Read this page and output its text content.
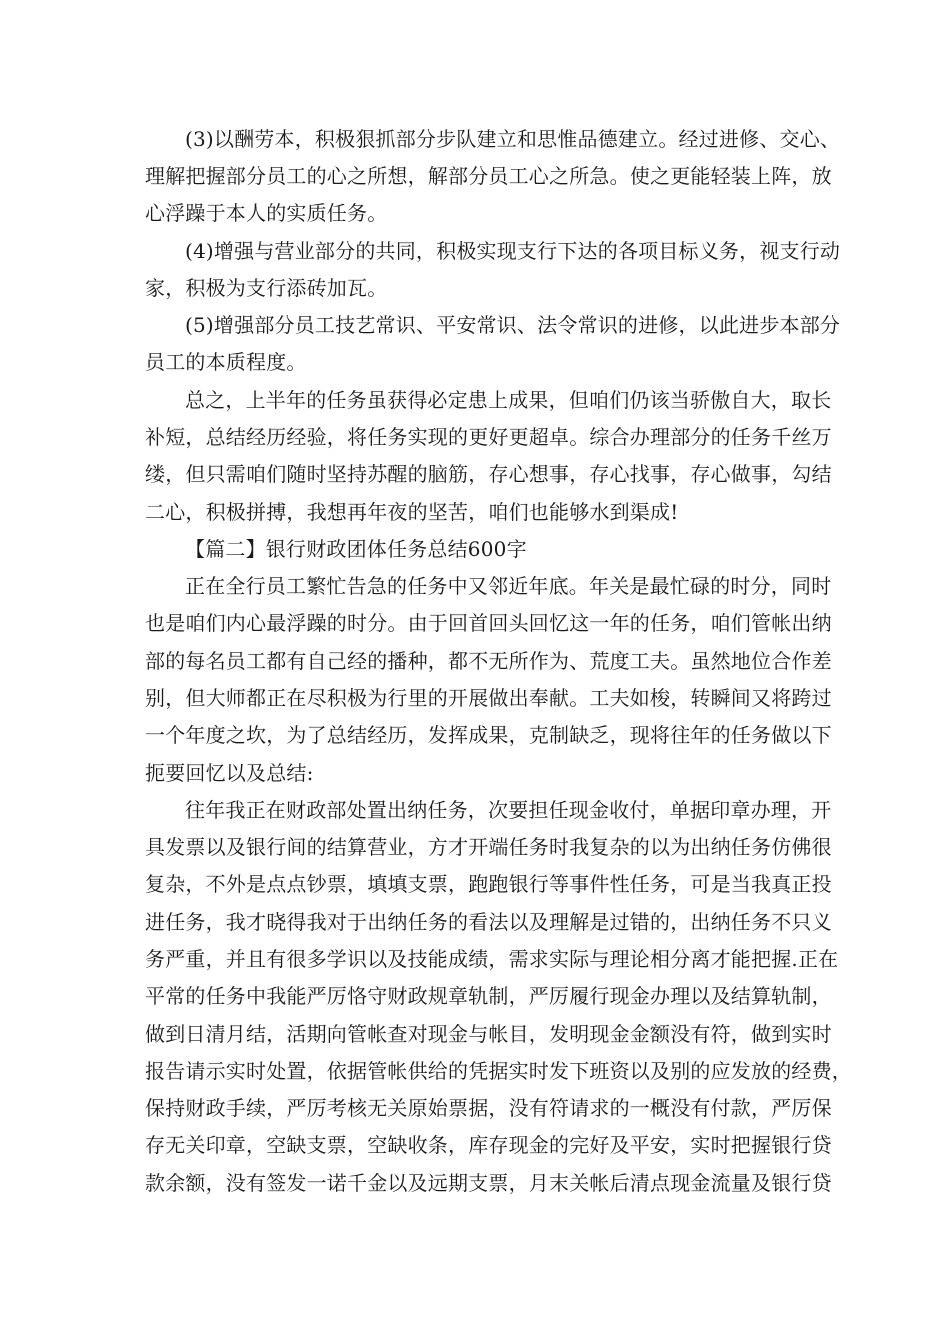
(3)以酬劳本，积极狠抓部分步队建立和思惟品德建立。经过进修、交心、
理解把握部分员工的心之所想，解部分员工心之所急。使之更能轻装上阵，放
心浮躁于本人的实质任务。
(4)增强与营业部分的共同，积极实现支行下达的各项目标义务，视支行动
家，积极为支行添砖加瓦。
(5)增强部分员工技艺常识、平安常识、法令常识的进修，以此进步本部分
员工的本质程度。
总之，上半年的任务虽获得必定患上成果，但咱们仍该当骄傲自大，取长
补短，总结经历经验，将任务实现的更好更超卓。综合办理部分的任务千丝万
缕，但只需咱们随时坚持苏醒的脑筋，存心想事，存心找事，存心做事，勾结
二心，积极拼搏，我想再年夜的坚苦，咱们也能够水到渠成!
【篇二】银行财政团体任务总结600字
正在全行员工繁忙告急的任务中又邻近年底。年关是最忙碌的时分，同时
也是咱们内心最浮躁的时分。由于回首回头回忆这一年的任务，咱们管帐出纳
部的每名员工都有自己经的播种，都不无所作为、荒度工夫。虽然地位合作差
别，但大师都正在尽积极为行里的开展做出奉献。工夫如梭，转瞬间又将跨过
一个年度之坎，为了总结经历，发挥成果，克制缺乏，现将往年的任务做以下
扼要回忆以及总结:
往年我正在财政部处置出纳任务，次要担任现金收付，单据印章办理，开
具发票以及银行间的结算营业，方才开端任务时我复杂的以为出纳任务仿佛很
复杂，不外是点点钞票，填填支票，跑跑银行等事件性任务，可是当我真正投
进任务，我才晓得我对于出纳任务的看法以及理解是过错的，出纳任务不只义
务严重，并且有很多学识以及技能成绩，需求实际与理论相分离才能把握.正在
平常的任务中我能严厉恪守财政规章轨制，严厉履行现金办理以及结算轨制，
做到日清月结，活期向管帐查对现金与帐目，发明现金金额没有符，做到实时
报告请示实时处置，依据管帐供给的凭据实时发下班资以及别的应发放的经费，
保持财政手续，严厉考核无关原始票据，没有符请求的一概没有付款，严厉保
存无关印章，空缺支票，空缺收条，库存现金的完好及平安，实时把握银行贷
款余额，没有签发一诺千金以及远期支票，月末关帐后清点现金流量及银行贷
